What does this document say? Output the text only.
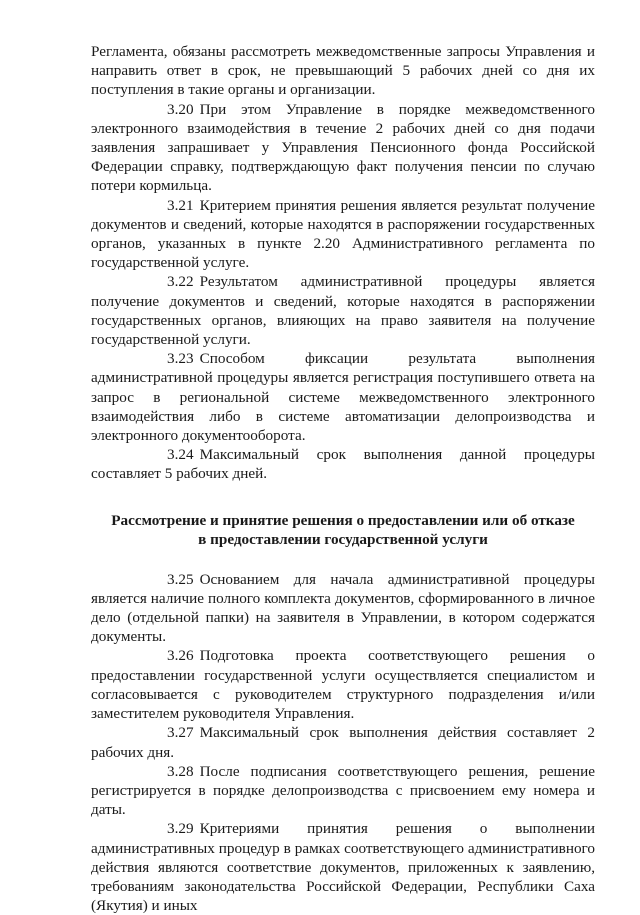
Регламента, обязаны рассмотреть межведомственные запросы Управления и направить ответ в срок, не превышающий 5 рабочих дней со дня их поступления в такие органы и организации.

3.20 При этом Управление в порядке межведомственного электронного взаимодействия в течение 2 рабочих дней со дня подачи заявления запрашивает у Управления Пенсионного фонда Российской Федерации справку, подтверждающую факт получения пенсии по случаю потери кормильца.

3.21 Критерием принятия решения является результат получение документов и сведений, которые находятся в распоряжении государственных органов, указанных в пункте 2.20 Административного регламента по государственной услуге.

3.22 Результатом административной процедуры является получение документов и сведений, которые находятся в распоряжении государственных органов, влияющих на право заявителя на получение государственной услуги.

3.23 Способом фиксации результата выполнения административной процедуры является регистрация поступившего ответа на запрос в региональной системе межведомственного электронного взаимодействия либо в системе автоматизации делопроизводства и электронного документооборота.

3.24 Максимальный срок выполнения данной процедуры составляет 5 рабочих дней.

Рассмотрение и принятие решения о предоставлении или об отказе
в предоставлении государственной услуги

3.25 Основанием для начала административной процедуры является наличие полного комплекта документов, сформированного в личное дело (отдельной папки) на заявителя в Управлении, в котором содержатся документы.

3.26 Подготовка проекта соответствующего решения о предоставлении государственной услуги осуществляется специалистом и согласовывается с руководителем структурного подразделения и/или заместителем руководителя Управления.

3.27 Максимальный срок выполнения действия составляет 2 рабочих дня.

3.28 После подписания соответствующего решения, решение регистрируется в порядке делопроизводства с присвоением ему номера и даты.

3.29 Критериями принятия решения о выполнении административных процедур в рамках соответствующего административного действия являются соответствие документов, приложенных к заявлению, требованиям законодательства Российской Федерации, Республики Саха (Якутия) и иных
